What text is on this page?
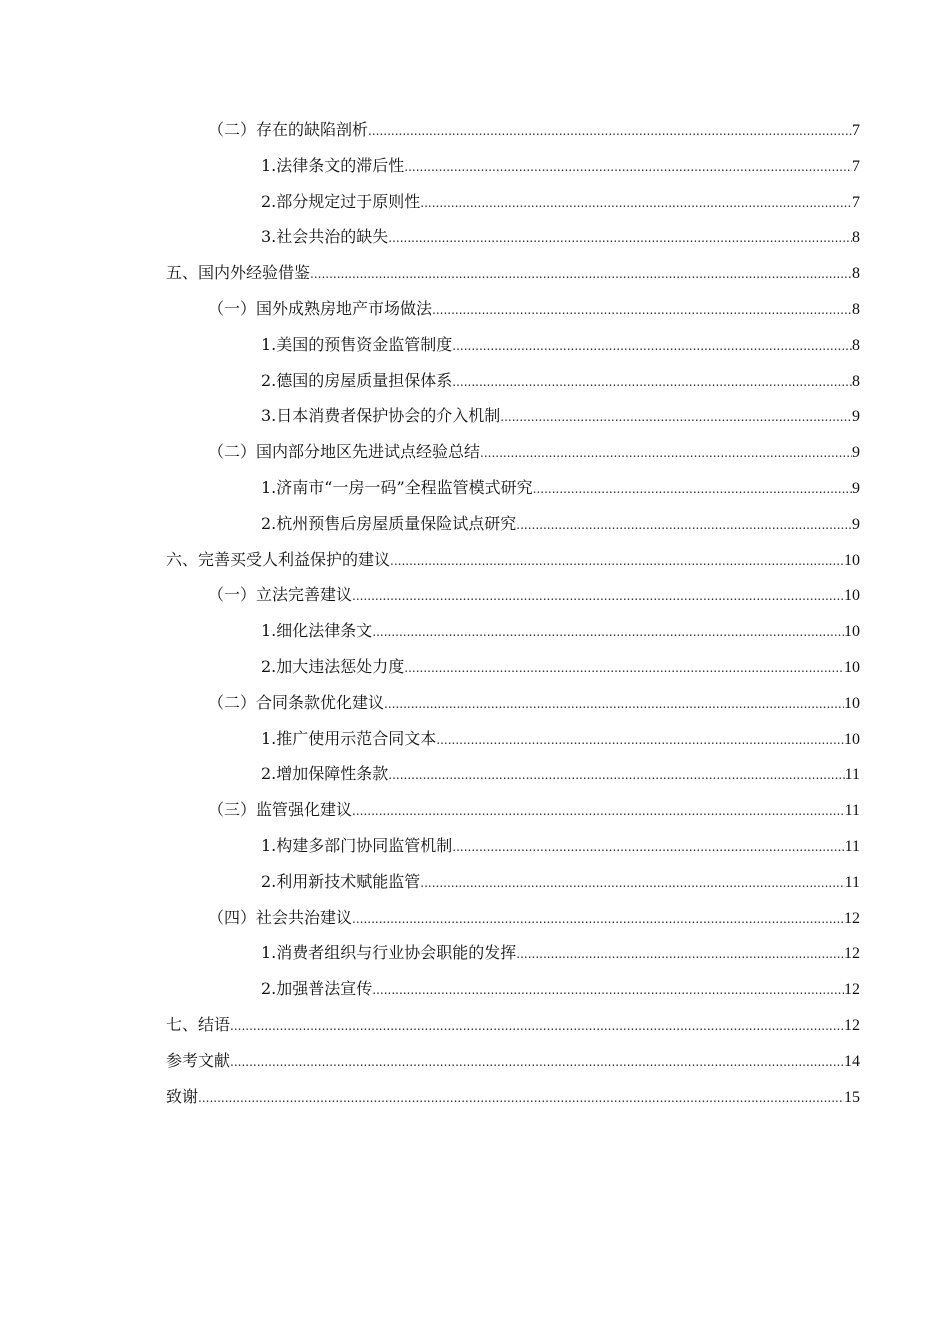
（二）存在的缺陷剖析 .....	7
1.法律条文的滞后性 .....	7
2.部分规定过于原则性 .....	7
3.社会共治的缺失 .....	8
五、国内外经验借鉴 .....	8
（一）国外成熟房地产市场做法 .....	8
1.美国的预售资金监管制度 .....	8
2.德国的房屋质量担保体系 .....	8
3.日本消费者保护协会的介入机制 .....	9
（二）国内部分地区先进试点经验总结 .....	9
1.济南市“一房一码”全程监管模式研究 .....	9
2.杭州预售后房屋质量保险试点研究 .....	9
六、完善买受人利益保护的建议 .....	10
（一）立法完善建议 .....	10
1.细化法律条文 .....	10
2.加大违法惩处力度 .....	10
（二）合同条款优化建议 .....	10
1.推广使用示范合同文本 .....	10
2.增加保障性条款 .....	11
（三）监管强化建议 .....	11
1.构建多部门协同监管机制 .....	11
2.利用新技术赋能监管 .....	11
（四）社会共治建议 .....	12
1.消费者组织与行业协会职能的发挥 .....	12
2.加强普法宣传 .....	12
七、结语 .....	12
参考文献 .....	14
致谢 .....	15
